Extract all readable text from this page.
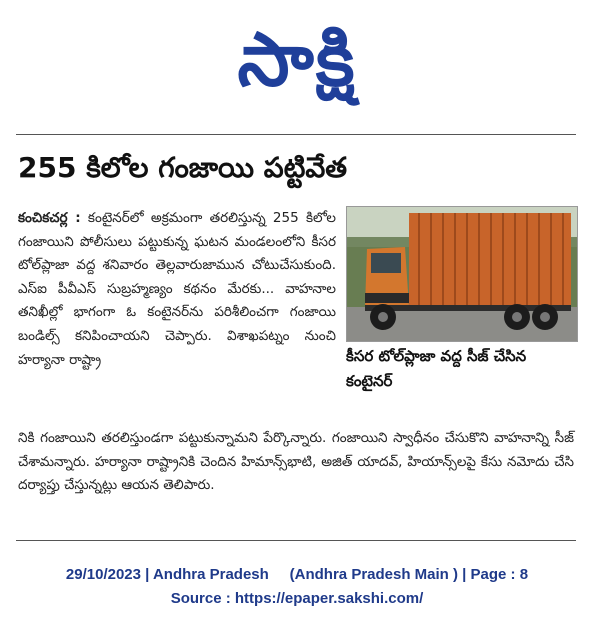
సాక్షి
255 కిలోల గంజాయి పట్టివేత
కంచికచర్ల : కంటైనర్‌లో అక్రమంగా తరలిస్తున్న 255 కిలోల గంజాయిని పోలీసులు పట్టుకున్న ఘటన మండలంలోని కీసర టోల్‌ప్లాజా వద్ద శనివారం తెల్లవారుజామున చోటుచేసుకుంది. ఎస్‌ఐ పీవీఎస్‌ సుబ్రహ్మణ్యం కథనం మేరకు... వాహనాల తనిఖీల్లో భాగంగా ఓ కంటైనర్‌ను పరిశీలించగా గంజాయి బండిల్స్‌ కనిపించాయని చెప్పారు. విశాఖపట్నం నుంచి హర్యానా రాష్ట్రా	కీసర టోల్‌ప్లాజా వద్ద సీజ్‌ చేసిన కంటైనర్‌
నికి గంజాయిని తరలిస్తుండగా పట్టుకున్నామని పేర్కొన్నారు. గంజాయిని స్వాధీనం చేసుకొని వాహనాన్ని సీజ్‌ చేశామన్నారు. హర్యానా రాష్ట్రానికి చెందిన హిమాన్స్‌భాటి, అజిత్‌ యాదవ్‌, హియాన్స్‌లపై కేసు నమోదు చేసి దర్యాప్తు చేస్తున్నట్లు ఆయన తెలిపారు.
29/10/2023 | Andhra Pradesh     (Andhra Pradesh Main ) | Page : 8
Source : https://epaper.sakshi.com/
